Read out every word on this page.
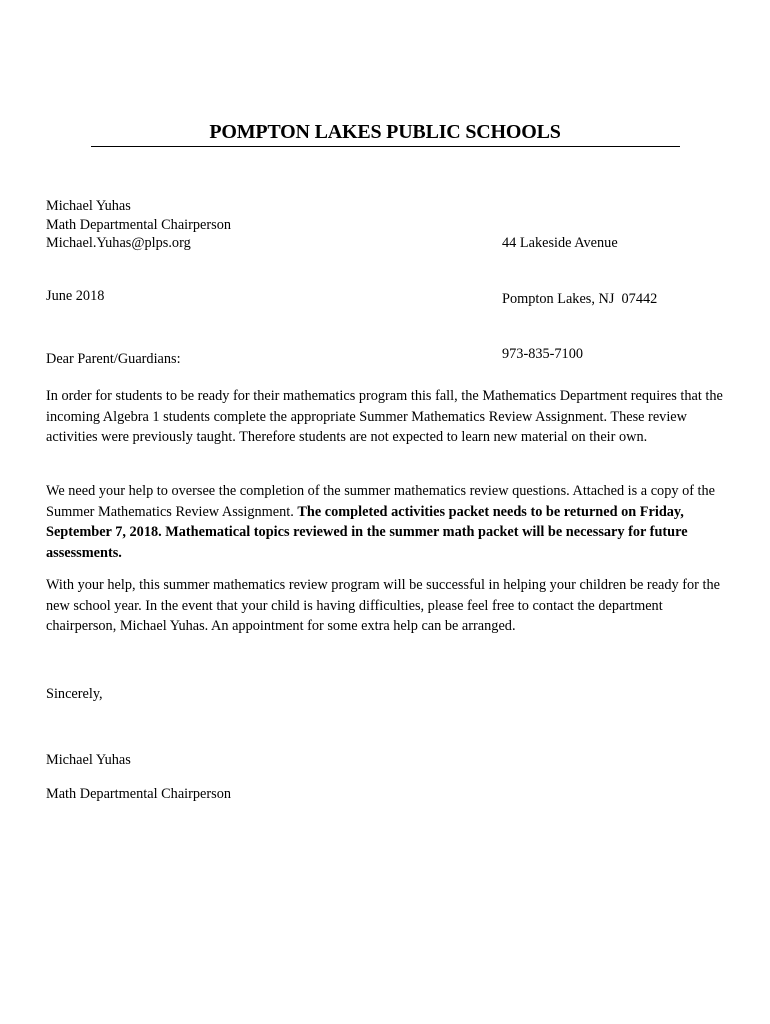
POMPTON LAKES PUBLIC SCHOOLS
Michael Yuhas
Math Departmental Chairperson
Michael.Yuhas@plps.org

	44 Lakeside Avenue

Pompton Lakes, NJ  07442

973-835-7100

June 2018
Dear Parent/Guardians:

In order for students to be ready for their mathematics program this fall, the Mathematics Department requires that the incoming Algebra 1 students complete the appropriate Summer Mathematics Review Assignment. These review activities were previously taught. Therefore students are not expected to learn new material on their own.

We need your help to oversee the completion of the summer mathematics review questions. Attached is a copy of the Summer Mathematics Review Assignment. The completed activities packet needs to be returned on Friday, September 7, 2018. Mathematical topics reviewed in the summer math packet will be necessary for future assessments.

With your help, this summer mathematics review program will be successful in helping your children be ready for the new school year. In the event that your child is having difficulties, please feel free to contact the department chairperson, Michael Yuhas. An appointment for some extra help can be arranged.

Sincerely,
Michael Yuhas
Math Departmental Chairperson
